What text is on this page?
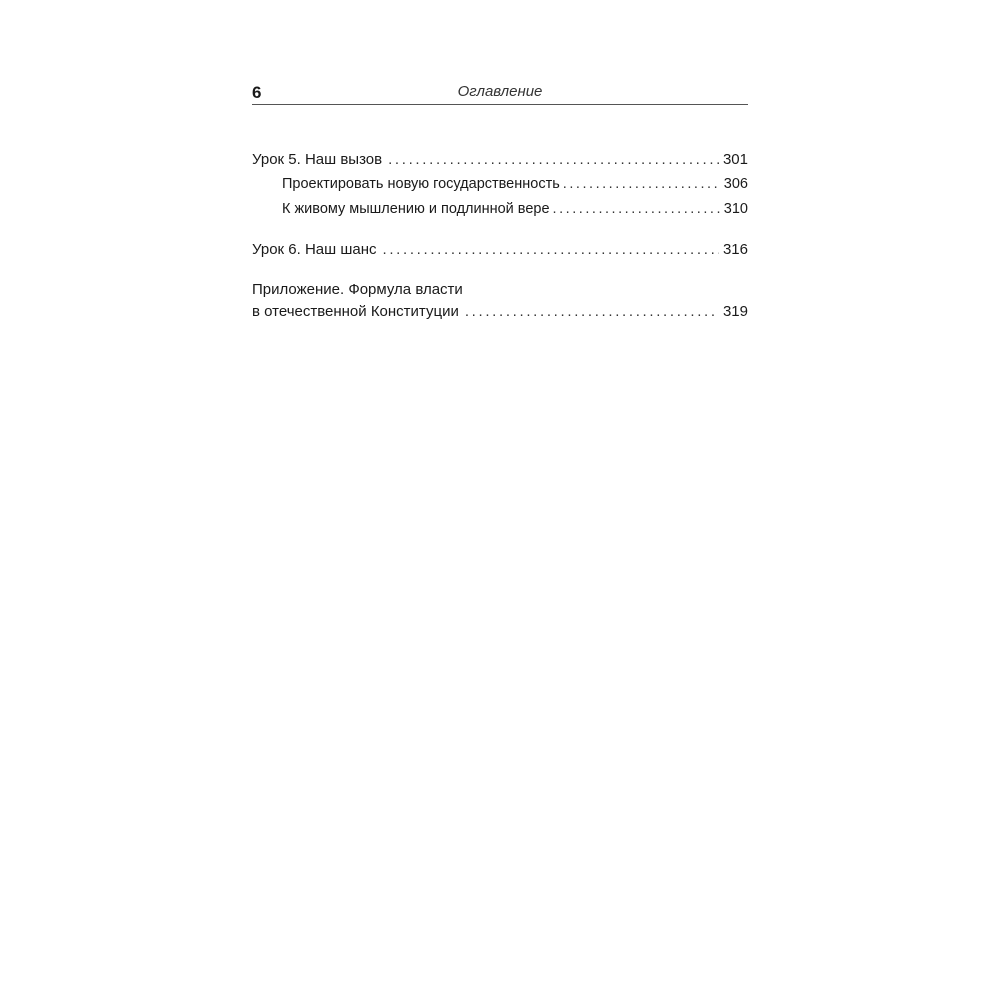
6	Оглавление
Урок 5. Наш вызов . . .	301
Проектировать новую государственность . . .	306
К живому мышлению и подлинной вере . . .	310
Урок 6. Наш шанс . . .	316
Приложение. Формула власти
в отечественной Конституции . . .	319
